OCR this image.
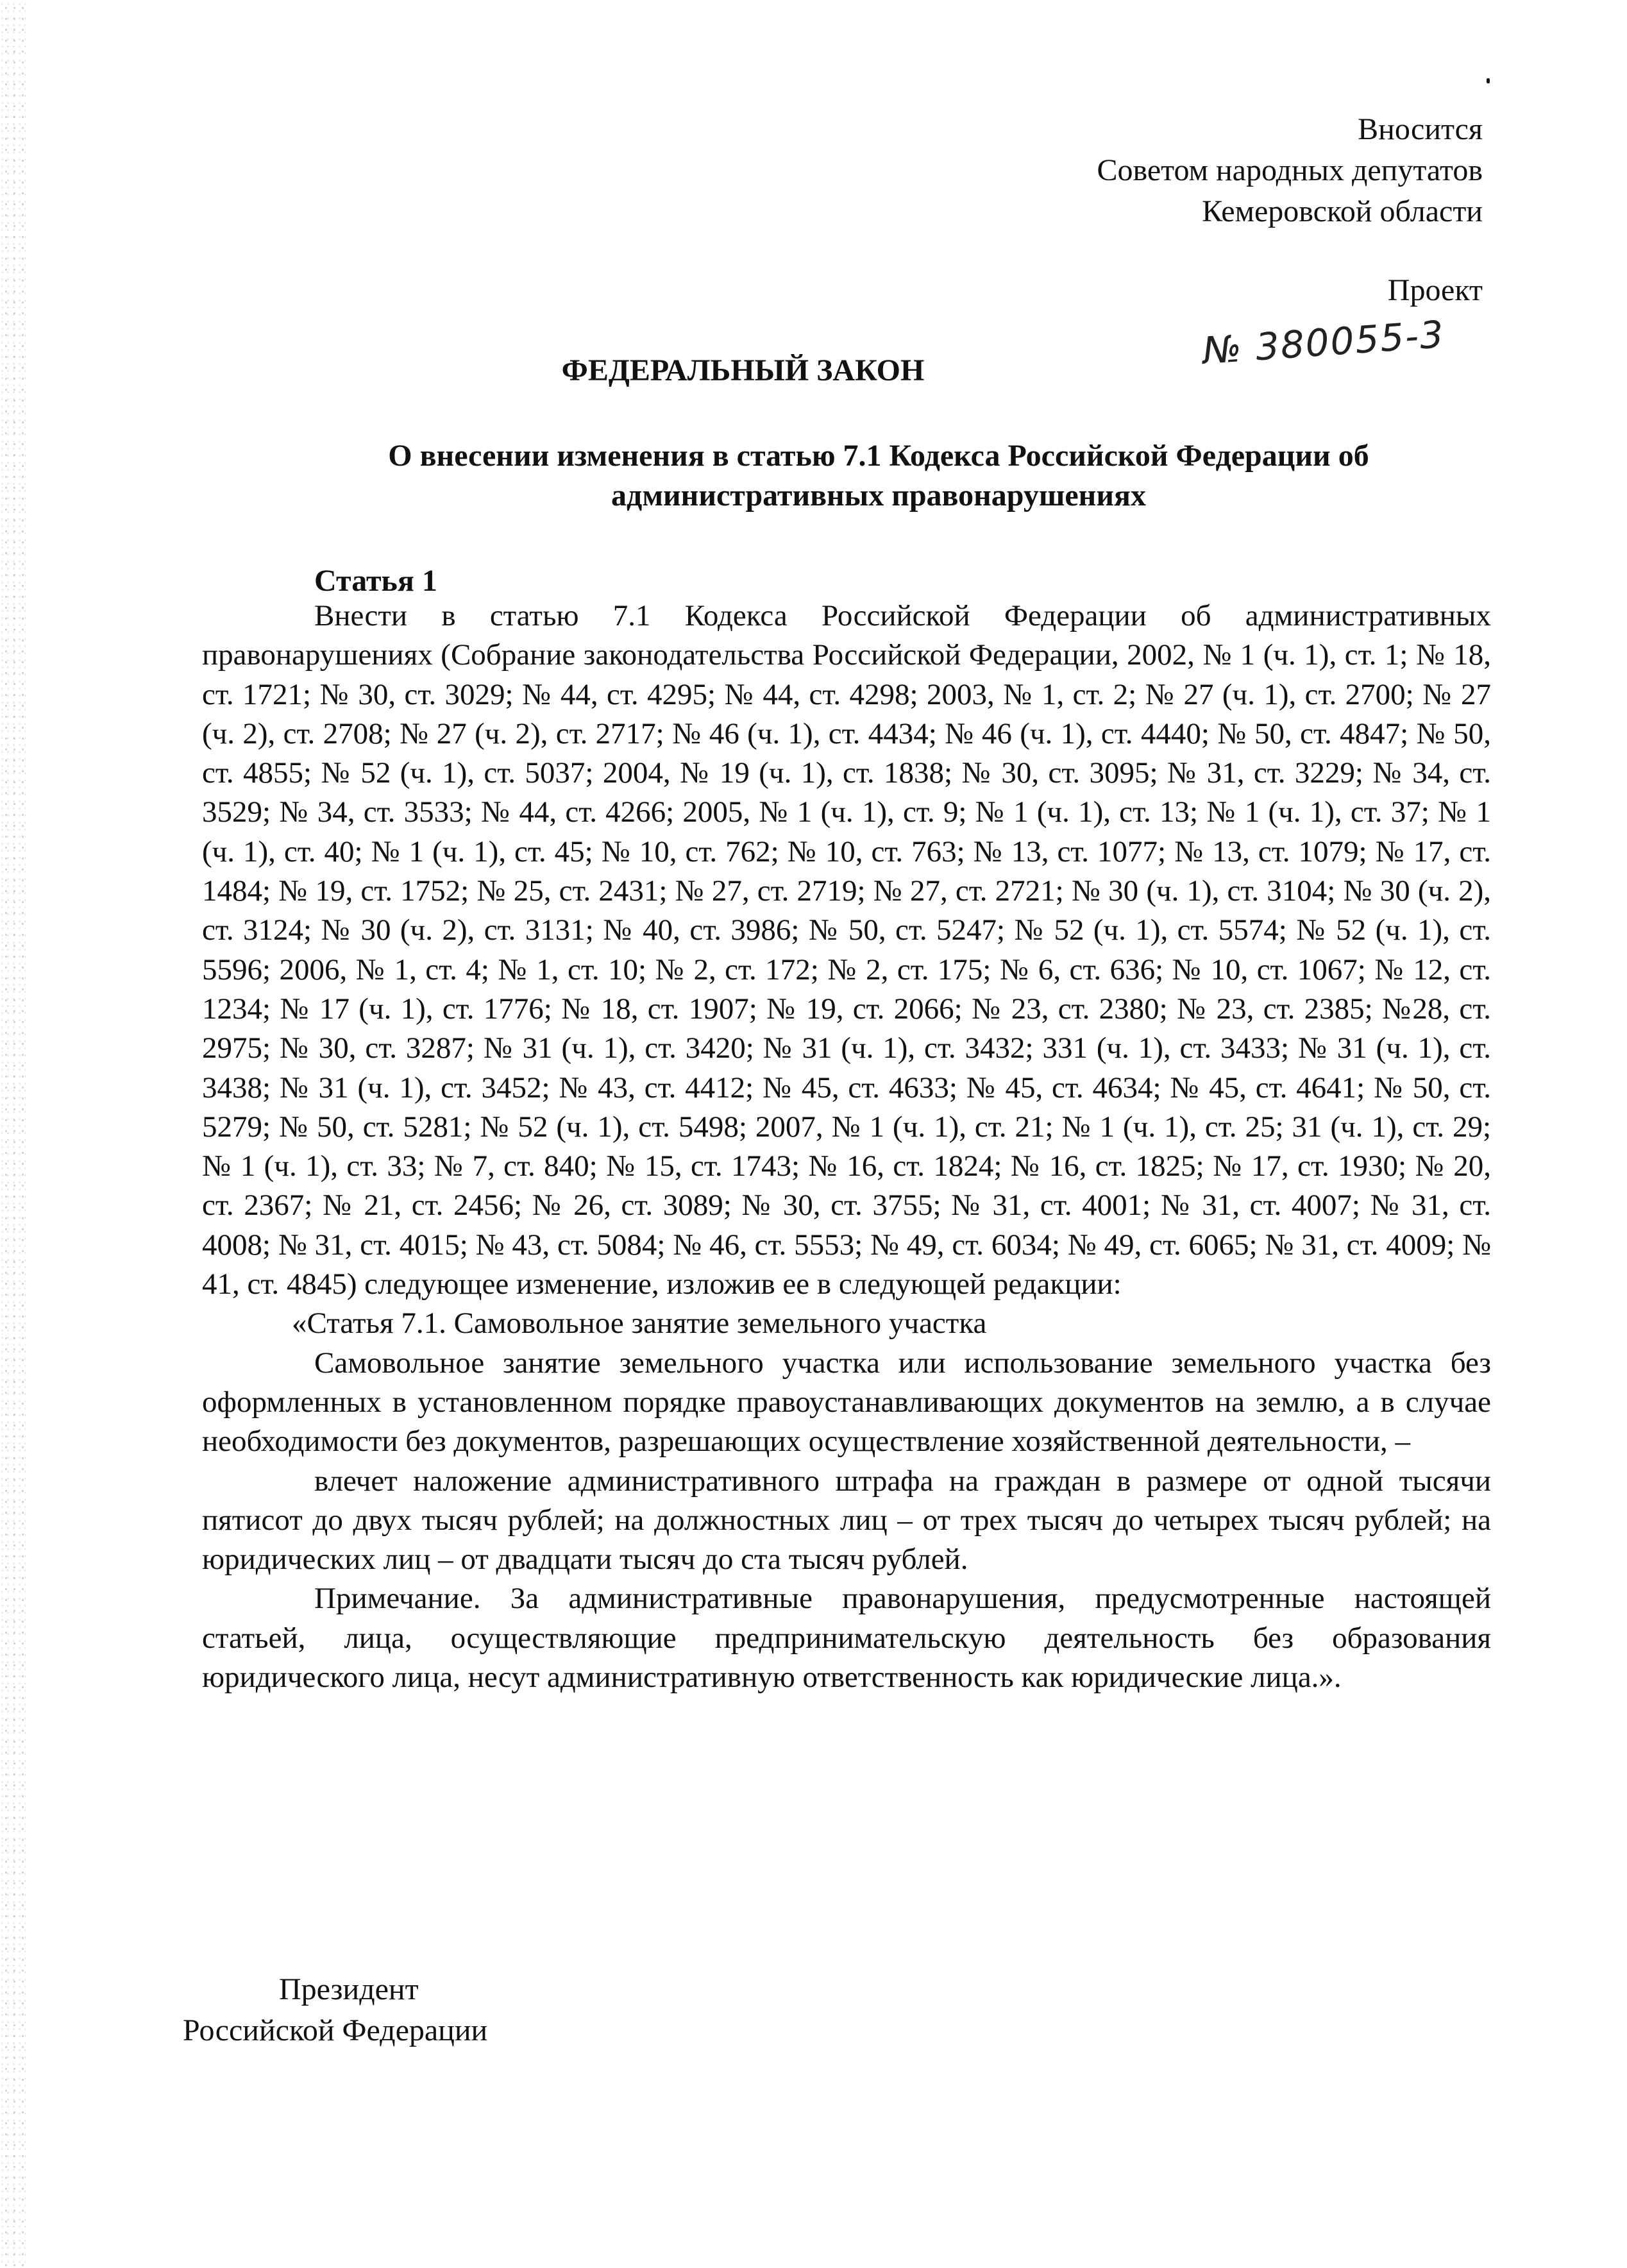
Вносится
Советом народных депутатов
Кемеровской области
Проект
№ 380055-3
ФЕДЕРАЛЬНЫЙ ЗАКОН
О внесении изменения в статью 7.1 Кодекса Российской Федерации об административных правонарушениях
Статья 1

Внести в статью 7.1 Кодекса Российской Федерации об административных правонарушениях (Собрание законодательства Российской Федерации, 2002, № 1 (ч. 1), ст. 1; № 18, ст. 1721; № 30, ст. 3029; № 44, ст. 4295; № 44, ст. 4298; 2003, № 1, ст. 2; № 27 (ч. 1), ст. 2700; № 27 (ч. 2), ст. 2708; № 27 (ч. 2), ст. 2717; № 46 (ч. 1), ст. 4434; № 46 (ч. 1), ст. 4440; № 50, ст. 4847; № 50, ст. 4855; № 52 (ч. 1), ст. 5037; 2004, № 19 (ч. 1), ст. 1838; № 30, ст. 3095; № 31, ст. 3229; № 34, ст. 3529; № 34, ст. 3533; № 44, ст. 4266; 2005, № 1 (ч. 1), ст. 9; № 1 (ч. 1), ст. 13; № 1 (ч. 1), ст. 37; № 1 (ч. 1), ст. 40; № 1 (ч. 1), ст. 45; № 10, ст. 762; № 10, ст. 763; № 13, ст. 1077; № 13, ст. 1079; № 17, ст. 1484; № 19, ст. 1752; № 25, ст. 2431; № 27, ст. 2719; № 27, ст. 2721; № 30 (ч. 1), ст. 3104; № 30 (ч. 2), ст. 3124; № 30 (ч. 2), ст. 3131; № 40, ст. 3986; № 50, ст. 5247; № 52 (ч. 1), ст. 5574; № 52 (ч. 1), ст. 5596; 2006, № 1, ст. 4; № 1, ст. 10; № 2, ст. 172; № 2, ст. 175; № 6, ст. 636; № 10, ст. 1067; № 12, ст. 1234; № 17 (ч. 1), ст. 1776; № 18, ст. 1907; № 19, ст. 2066; № 23, ст. 2380; № 23, ст. 2385; №28, ст. 2975; № 30, ст. 3287; № 31 (ч. 1), ст. 3420; № 31 (ч. 1), ст. 3432; 331 (ч. 1), ст. 3433; № 31 (ч. 1), ст. 3438; № 31 (ч. 1), ст. 3452; № 43, ст. 4412; № 45, ст. 4633; № 45, ст. 4634; № 45, ст. 4641; № 50, ст. 5279; № 50, ст. 5281; № 52 (ч. 1), ст. 5498; 2007, № 1 (ч. 1), ст. 21; № 1 (ч. 1), ст. 25; 31 (ч. 1), ст. 29; № 1 (ч. 1), ст. 33; № 7, ст. 840; № 15, ст. 1743; № 16, ст. 1824; № 16, ст. 1825; № 17, ст. 1930; № 20, ст. 2367; № 21, ст. 2456; № 26, ст. 3089; № 30, ст. 3755; № 31, ст. 4001; № 31, ст. 4007; № 31, ст. 4008; № 31, ст. 4015; № 43, ст. 5084; № 46, ст. 5553; № 49, ст. 6034; № 49, ст. 6065; № 31, ст. 4009; № 41, ст. 4845) следующее изменение, изложив ее в следующей редакции:

«Статья 7.1. Самовольное занятие земельного участка

Самовольное занятие земельного участка или использование земельного участка без оформленных в установленном порядке правоустанавливающих документов на землю, а в случае необходимости без документов, разрешающих осуществление хозяйственной деятельности, –

влечет наложение административного штрафа на граждан в размере от одной тысячи пятисот до двух тысяч рублей; на должностных лиц – от трех тысяч до четырех тысяч рублей; на юридических лиц – от двадцати тысяч до ста тысяч рублей.

Примечание. За административные правонарушения, предусмотренные настоящей статьей, лица, осуществляющие предпринимательскую деятельность без образования юридического лица, несут административную ответственность как юридические лица.».

Президент
Российской Федерации
